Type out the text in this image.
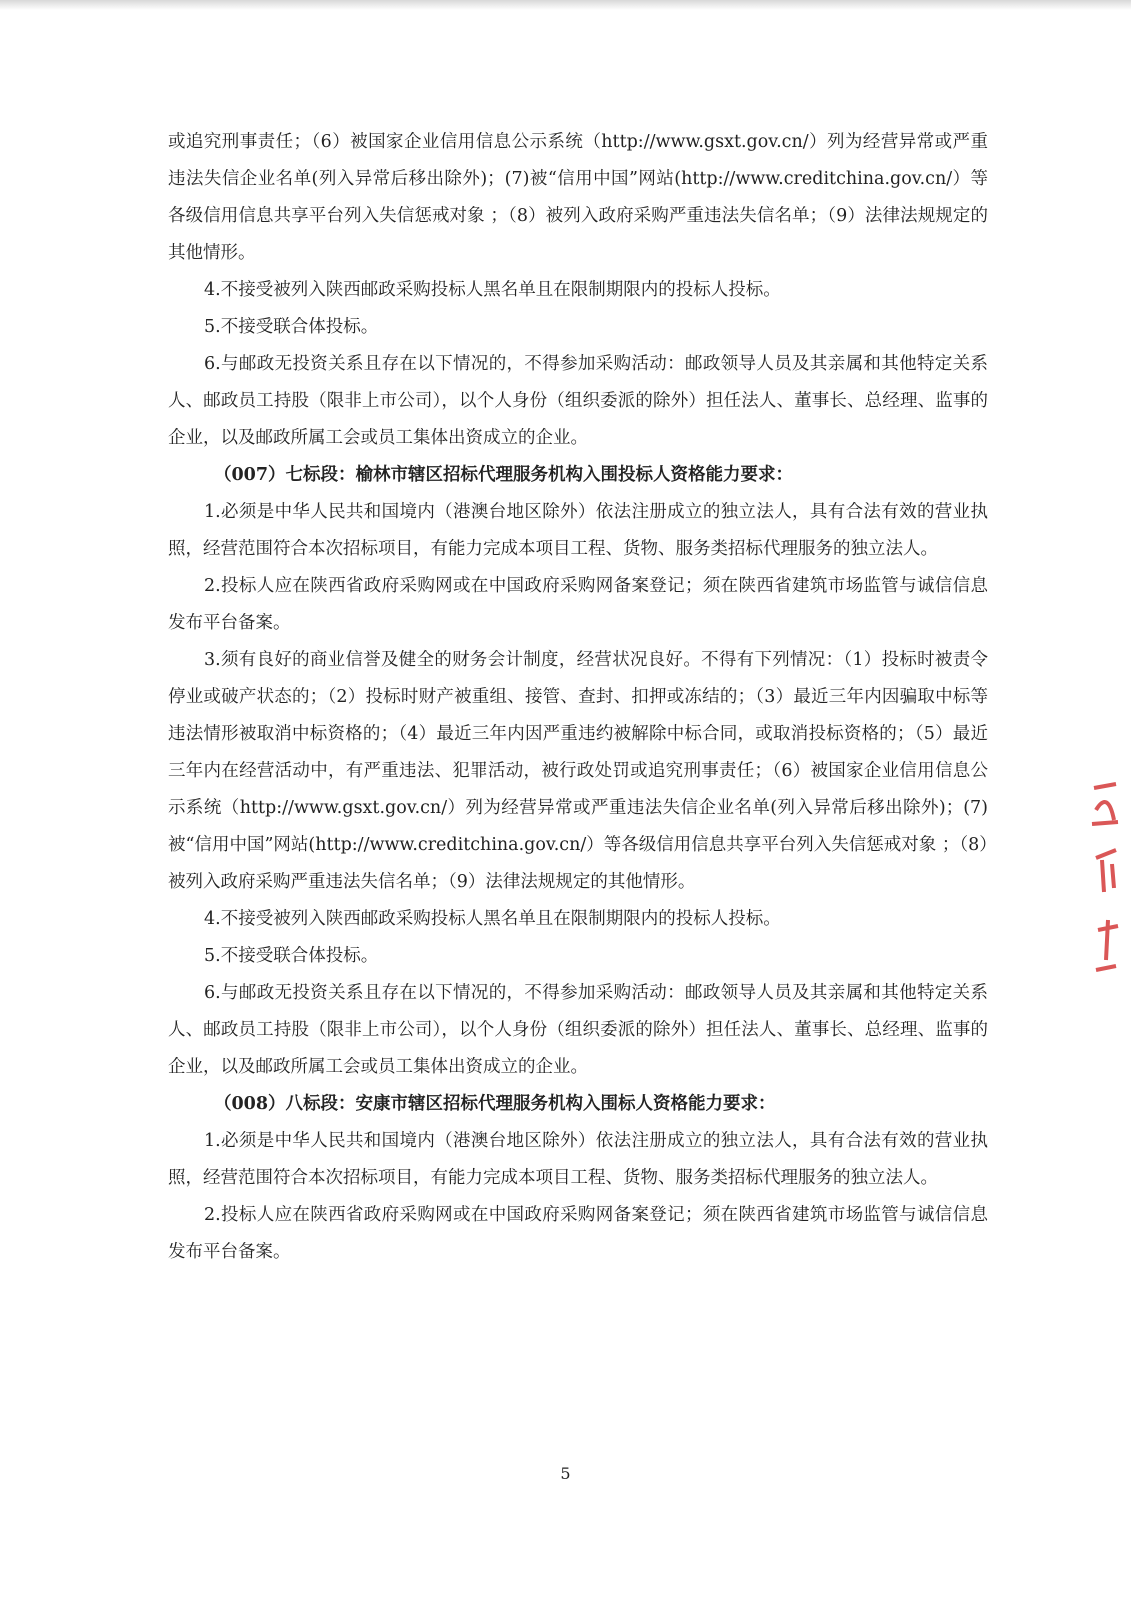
或追究刑事责任；（6）被国家企业信用信息公示系统（http://www.gsxt.gov.cn/）列为经营异常或严重违法失信企业名单(列入异常后移出除外)；(7)被“信用中国”网站(http://www.creditchina.gov.cn/）等各级信用信息共享平台列入失信惩戒对象 ；（8）被列入政府采购严重违法失信名单；（9）法律法规规定的其他情形。

4.不接受被列入陕西邮政采购投标人黑名单且在限制期限内的投标人投标。

5.不接受联合体投标。

6.与邮政无投资关系且存在以下情况的，不得参加采购活动：邮政领导人员及其亲属和其他特定关系人、邮政员工持股（限非上市公司），以个人身份（组织委派的除外）担任法人、董事长、总经理、监事的企业，以及邮政所属工会或员工集体出资成立的企业。

（007）七标段：榆林市辖区招标代理服务机构入围投标人资格能力要求：

1.必须是中华人民共和国境内（港澳台地区除外）依法注册成立的独立法人，具有合法有效的营业执照，经营范围符合本次招标项目，有能力完成本项目工程、货物、服务类招标代理服务的独立法人。

2.投标人应在陕西省政府采购网或在中国政府采购网备案登记；须在陕西省建筑市场监管与诚信信息发布平台备案。

3.须有良好的商业信誉及健全的财务会计制度，经营状况良好。不得有下列情况：（1）投标时被责令停业或破产状态的；（2）投标时财产被重组、接管、查封、扣押或冻结的；（3）最近三年内因骗取中标等违法情形被取消中标资格的；（4）最近三年内因严重违约被解除中标合同，或取消投标资格的；（5）最近三年内在经营活动中，有严重违法、犯罪活动，被行政处罚或追究刑事责任；（6）被国家企业信用信息公示系统（http://www.gsxt.gov.cn/）列为经营异常或严重违法失信企业名单(列入异常后移出除外)；(7)被“信用中国”网站(http://www.creditchina.gov.cn/）等各级信用信息共享平台列入失信惩戒对象 ；（8）被列入政府采购严重违法失信名单；（9）法律法规规定的其他情形。

4.不接受被列入陕西邮政采购投标人黑名单且在限制期限内的投标人投标。

5.不接受联合体投标。

6.与邮政无投资关系且存在以下情况的，不得参加采购活动：邮政领导人员及其亲属和其他特定关系人、邮政员工持股（限非上市公司），以个人身份（组织委派的除外）担任法人、董事长、总经理、监事的企业，以及邮政所属工会或员工集体出资成立的企业。

（008）八标段：安康市辖区招标代理服务机构入围标人资格能力要求：

1.必须是中华人民共和国境内（港澳台地区除外）依法注册成立的独立法人，具有合法有效的营业执照，经营范围符合本次招标项目，有能力完成本项目工程、货物、服务类招标代理服务的独立法人。

2.投标人应在陕西省政府采购网或在中国政府采购网备案登记；须在陕西省建筑市场监管与诚信信息发布平台备案。

5
